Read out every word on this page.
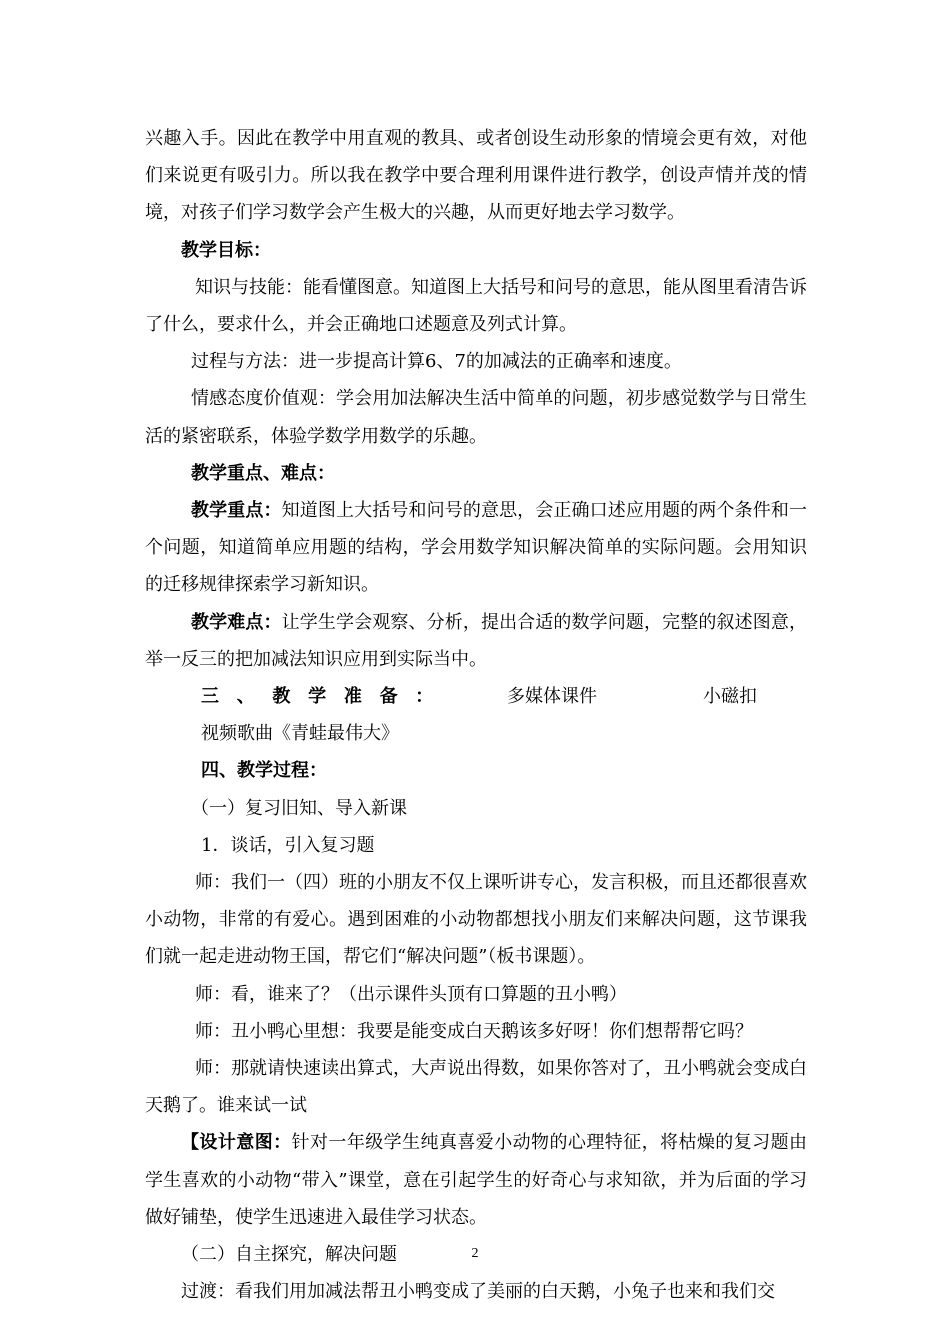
兴趣入手。因此在教学中用直观的教具、或者创设生动形象的情境会更有效，对他们来说更有吸引力。所以我在教学中要合理利用课件进行教学，创设声情并茂的情境，对孩子们学习数学会产生极大的兴趣，从而更好地去学习数学。

教学目标：

知识与技能：能看懂图意。知道图上大括号和问号的意思，能从图里看清告诉了什么，要求什么，并会正确地口述题意及列式计算。

过程与方法：进一步提高计算6、7的加减法的正确率和速度。

情感态度价值观：学会用加法解决生活中简单的问题，初步感觉数学与日常生活的紧密联系，体验学数学用数学的乐趣。

教学重点、难点：

教学重点：知道图上大括号和问号的意思，会正确口述应用题的两个条件和一个问题，知道简单应用题的结构，学会用数学知识解决简单的实际问题。会用知识的迁移规律探索学习新知识。

教学难点：让学生学会观察、分析，提出合适的数学问题，完整的叙述图意，举一反三的把加减法知识应用到实际当中。

三、教学准备：	多媒体课件	小磁扣视频歌曲《青蛙最伟大》

四、教学过程：

（一）复习旧知、导入新课

1．谈话，引入复习题

师：我们一（四）班的小朋友不仅上课听讲专心，发言积极，而且还都很喜欢小动物，非常的有爱心。遇到困难的小动物都想找小朋友们来解决问题，这节课我们就一起走进动物王国，帮它们“解决问题”（板书课题）。

师：看，谁来了？（出示课件头顶有口算题的丑小鸭）

师：丑小鸭心里想：我要是能变成白天鹅该多好呀！你们想帮帮它吗？

师：那就请快速读出算式，大声说出得数，如果你答对了，丑小鸭就会变成白天鹅了。谁来试一试

【设计意图：针对一年级学生纯真喜爱小动物的心理特征，将枯燥的复习题由学生喜欢的小动物“带入”课堂，意在引起学生的好奇心与求知欲，并为后面的学习做好铺垫，使学生迅速进入最佳学习状态。

（二）自主探究，解决问题

过渡：看我们用加减法帮丑小鸭变成了美丽的白天鹅，小兔子也来和我们交

2
